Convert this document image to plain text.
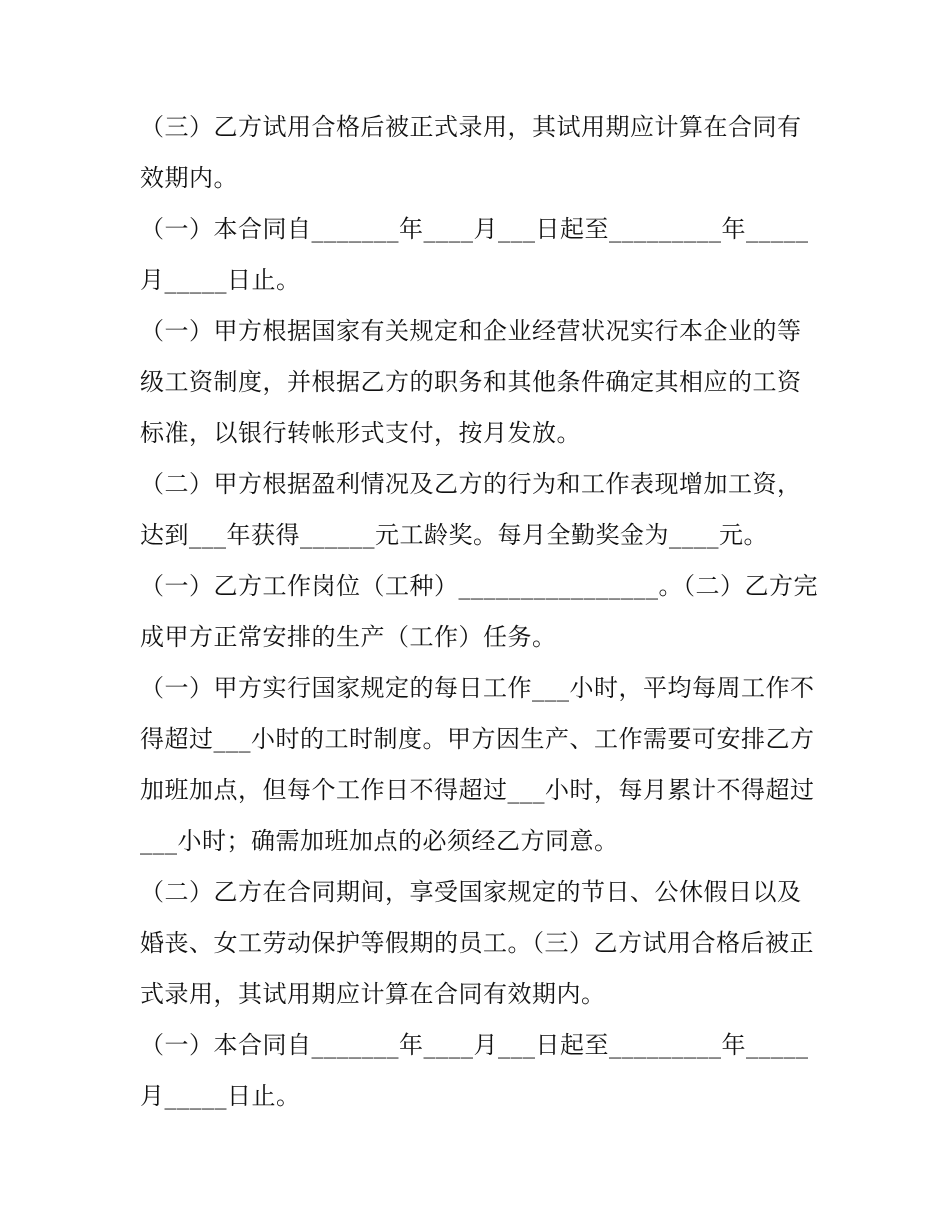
（三）乙方试用合格后被正式录用，其试用期应计算在合同有效期内。

（一）本合同自_______年____月___日起至_________年_____月_____日止。

（一）甲方根据国家有关规定和企业经营状况实行本企业的等级工资制度，并根据乙方的职务和其他条件确定其相应的工资标准，以银行转帐形式支付，按月发放。

（二）甲方根据盈利情况及乙方的行为和工作表现增加工资，达到___年获得______元工龄奖。每月全勤奖金为____元。

（一）乙方工作岗位（工种）________________。（二）乙方完成甲方正常安排的生产（工作）任务。

（一）甲方实行国家规定的每日工作___小时，平均每周工作不得超过___小时的工时制度。甲方因生产、工作需要可安排乙方加班加点，但每个工作日不得超过___小时，每月累计不得超过___小时；确需加班加点的必须经乙方同意。

（二）乙方在合同期间，享受国家规定的节日、公休假日以及婚丧、女工劳动保护等假期的员工。（三）乙方试用合格后被正式录用，其试用期应计算在合同有效期内。

（一）本合同自_______年____月___日起至_________年_____月_____日止。
